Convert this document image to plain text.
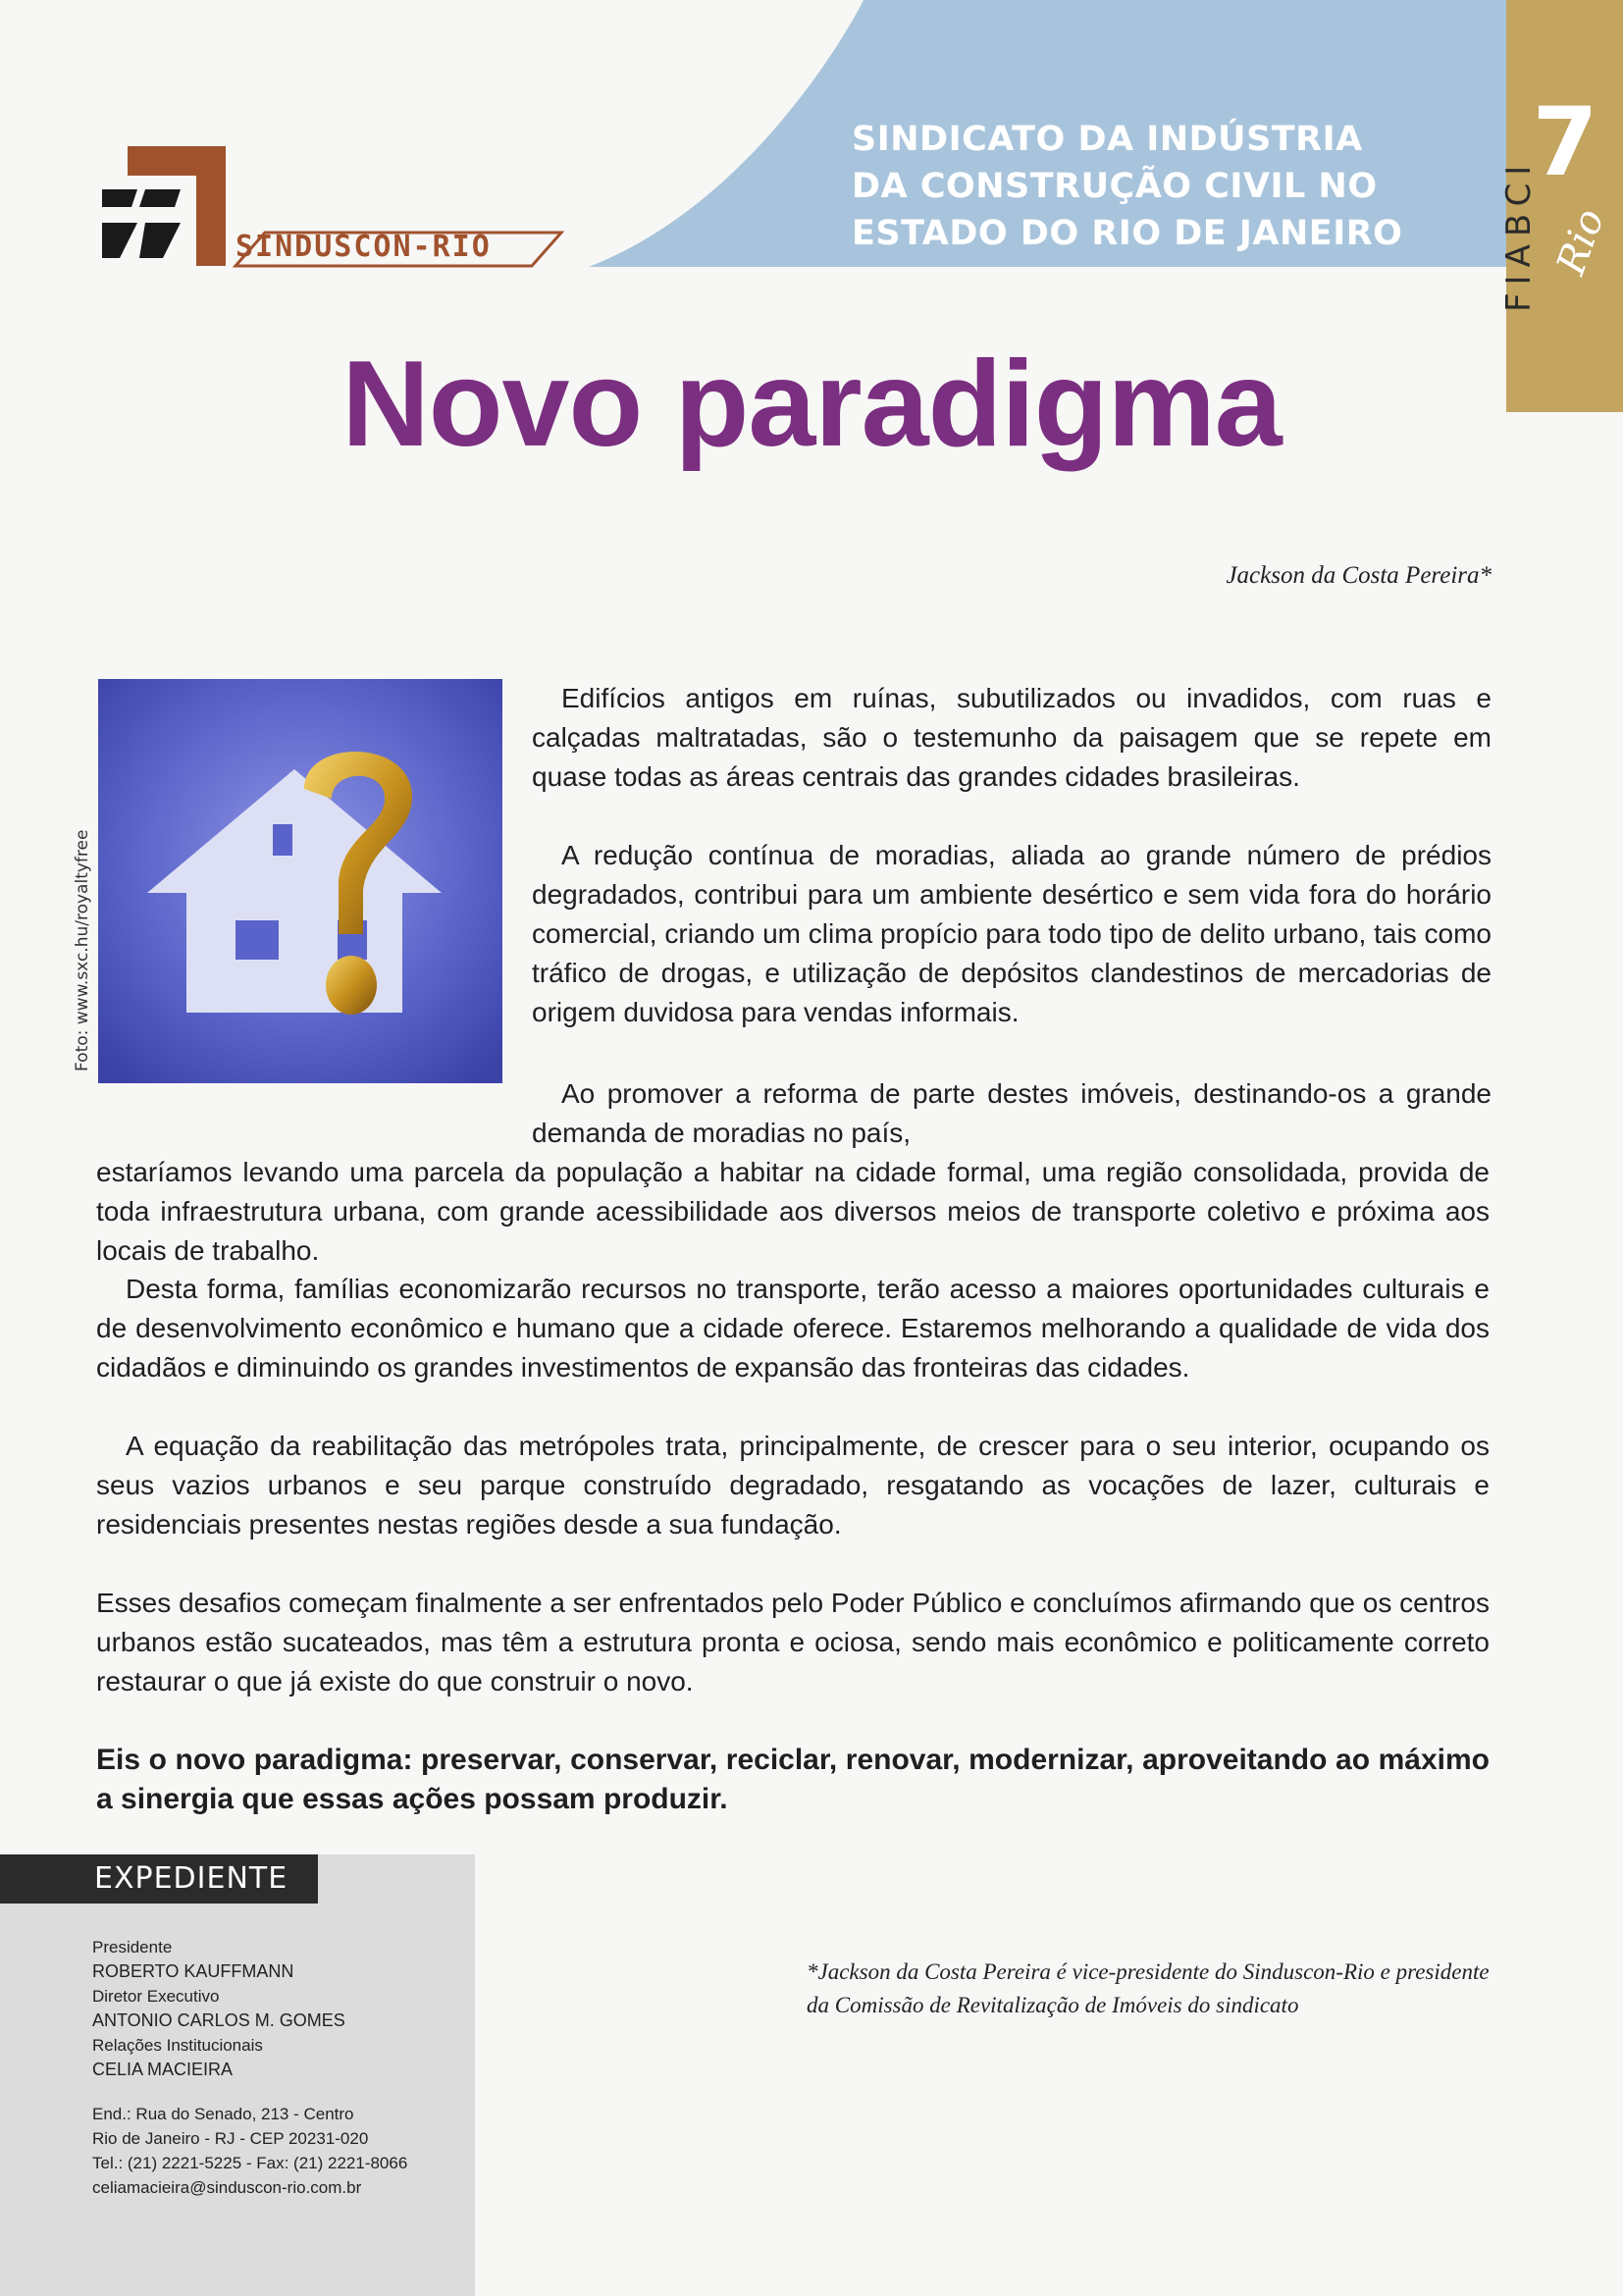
SINDICATO DA INDÚSTRIA
DA CONSTRUÇÃO CIVIL NO
ESTADO DO RIO DE JANEIRO
SINDUSCON-RIO
7
FIABCI Rio
Novo paradigma
Jackson da Costa Pereira*
Foto: www.sxc.hu/royaltyfree
Edifícios antigos em ruínas, subutilizados ou invadidos, com ruas e calçadas maltratadas, são o testemunho da paisagem que se repete em quase todas as áreas centrais das grandes cidades brasileiras.
A redução contínua de moradias, aliada ao grande número de prédios degradados, contribui para um ambiente desértico e sem vida fora do horário comercial, criando um clima propício para todo tipo de delito urbano, tais como tráfico de drogas, e utilização de depósitos clandestinos de mercadorias de origem duvidosa para vendas informais.
Ao promover a reforma de parte destes imóveis, destinando-os a grande demanda de moradias no país,
estaríamos levando uma parcela da população a habitar na cidade formal, uma região consolidada, provida de toda infraestrutura urbana, com grande acessibilidade aos diversos meios de transporte coletivo e próxima aos locais de trabalho.
Desta forma, famílias economizarão recursos no transporte, terão acesso a maiores oportunidades culturais e de desenvolvimento econômico e humano que a cidade oferece. Estaremos melhorando a qualidade de vida dos cidadãos e diminuindo os grandes investimentos de expansão das fronteiras das cidades.
A equação da reabilitação das metrópoles trata, principalmente, de crescer para o seu interior, ocupando os seus vazios urbanos e seu parque construído degradado, resgatando as vocações de lazer, culturais e residenciais presentes nestas regiões desde a sua fundação.
Esses desafios começam finalmente a ser enfrentados pelo Poder Público e concluímos afirmando que os centros urbanos estão sucateados, mas têm a estrutura pronta e ociosa, sendo mais econômico e politicamente correto restaurar o que já existe do que construir o novo.
Eis o novo paradigma: preservar, conservar, reciclar, renovar, modernizar, aproveitando ao máximo a sinergia que essas ações possam produzir.
EXPEDIENTE
Presidente
ROBERTO KAUFFMANN
Diretor Executivo
ANTONIO CARLOS M. GOMES
Relações Institucionais
CELIA MACIEIRA
End.: Rua do Senado, 213 - Centro
Rio de Janeiro - RJ - CEP 20231-020
Tel.: (21) 2221-5225 - Fax: (21) 2221-8066
celiamacieira@sinduscon-rio.com.br
*Jackson da Costa Pereira é vice-presidente do Sinduscon-Rio e presidente da Comissão de Revitalização de Imóveis do sindicato
